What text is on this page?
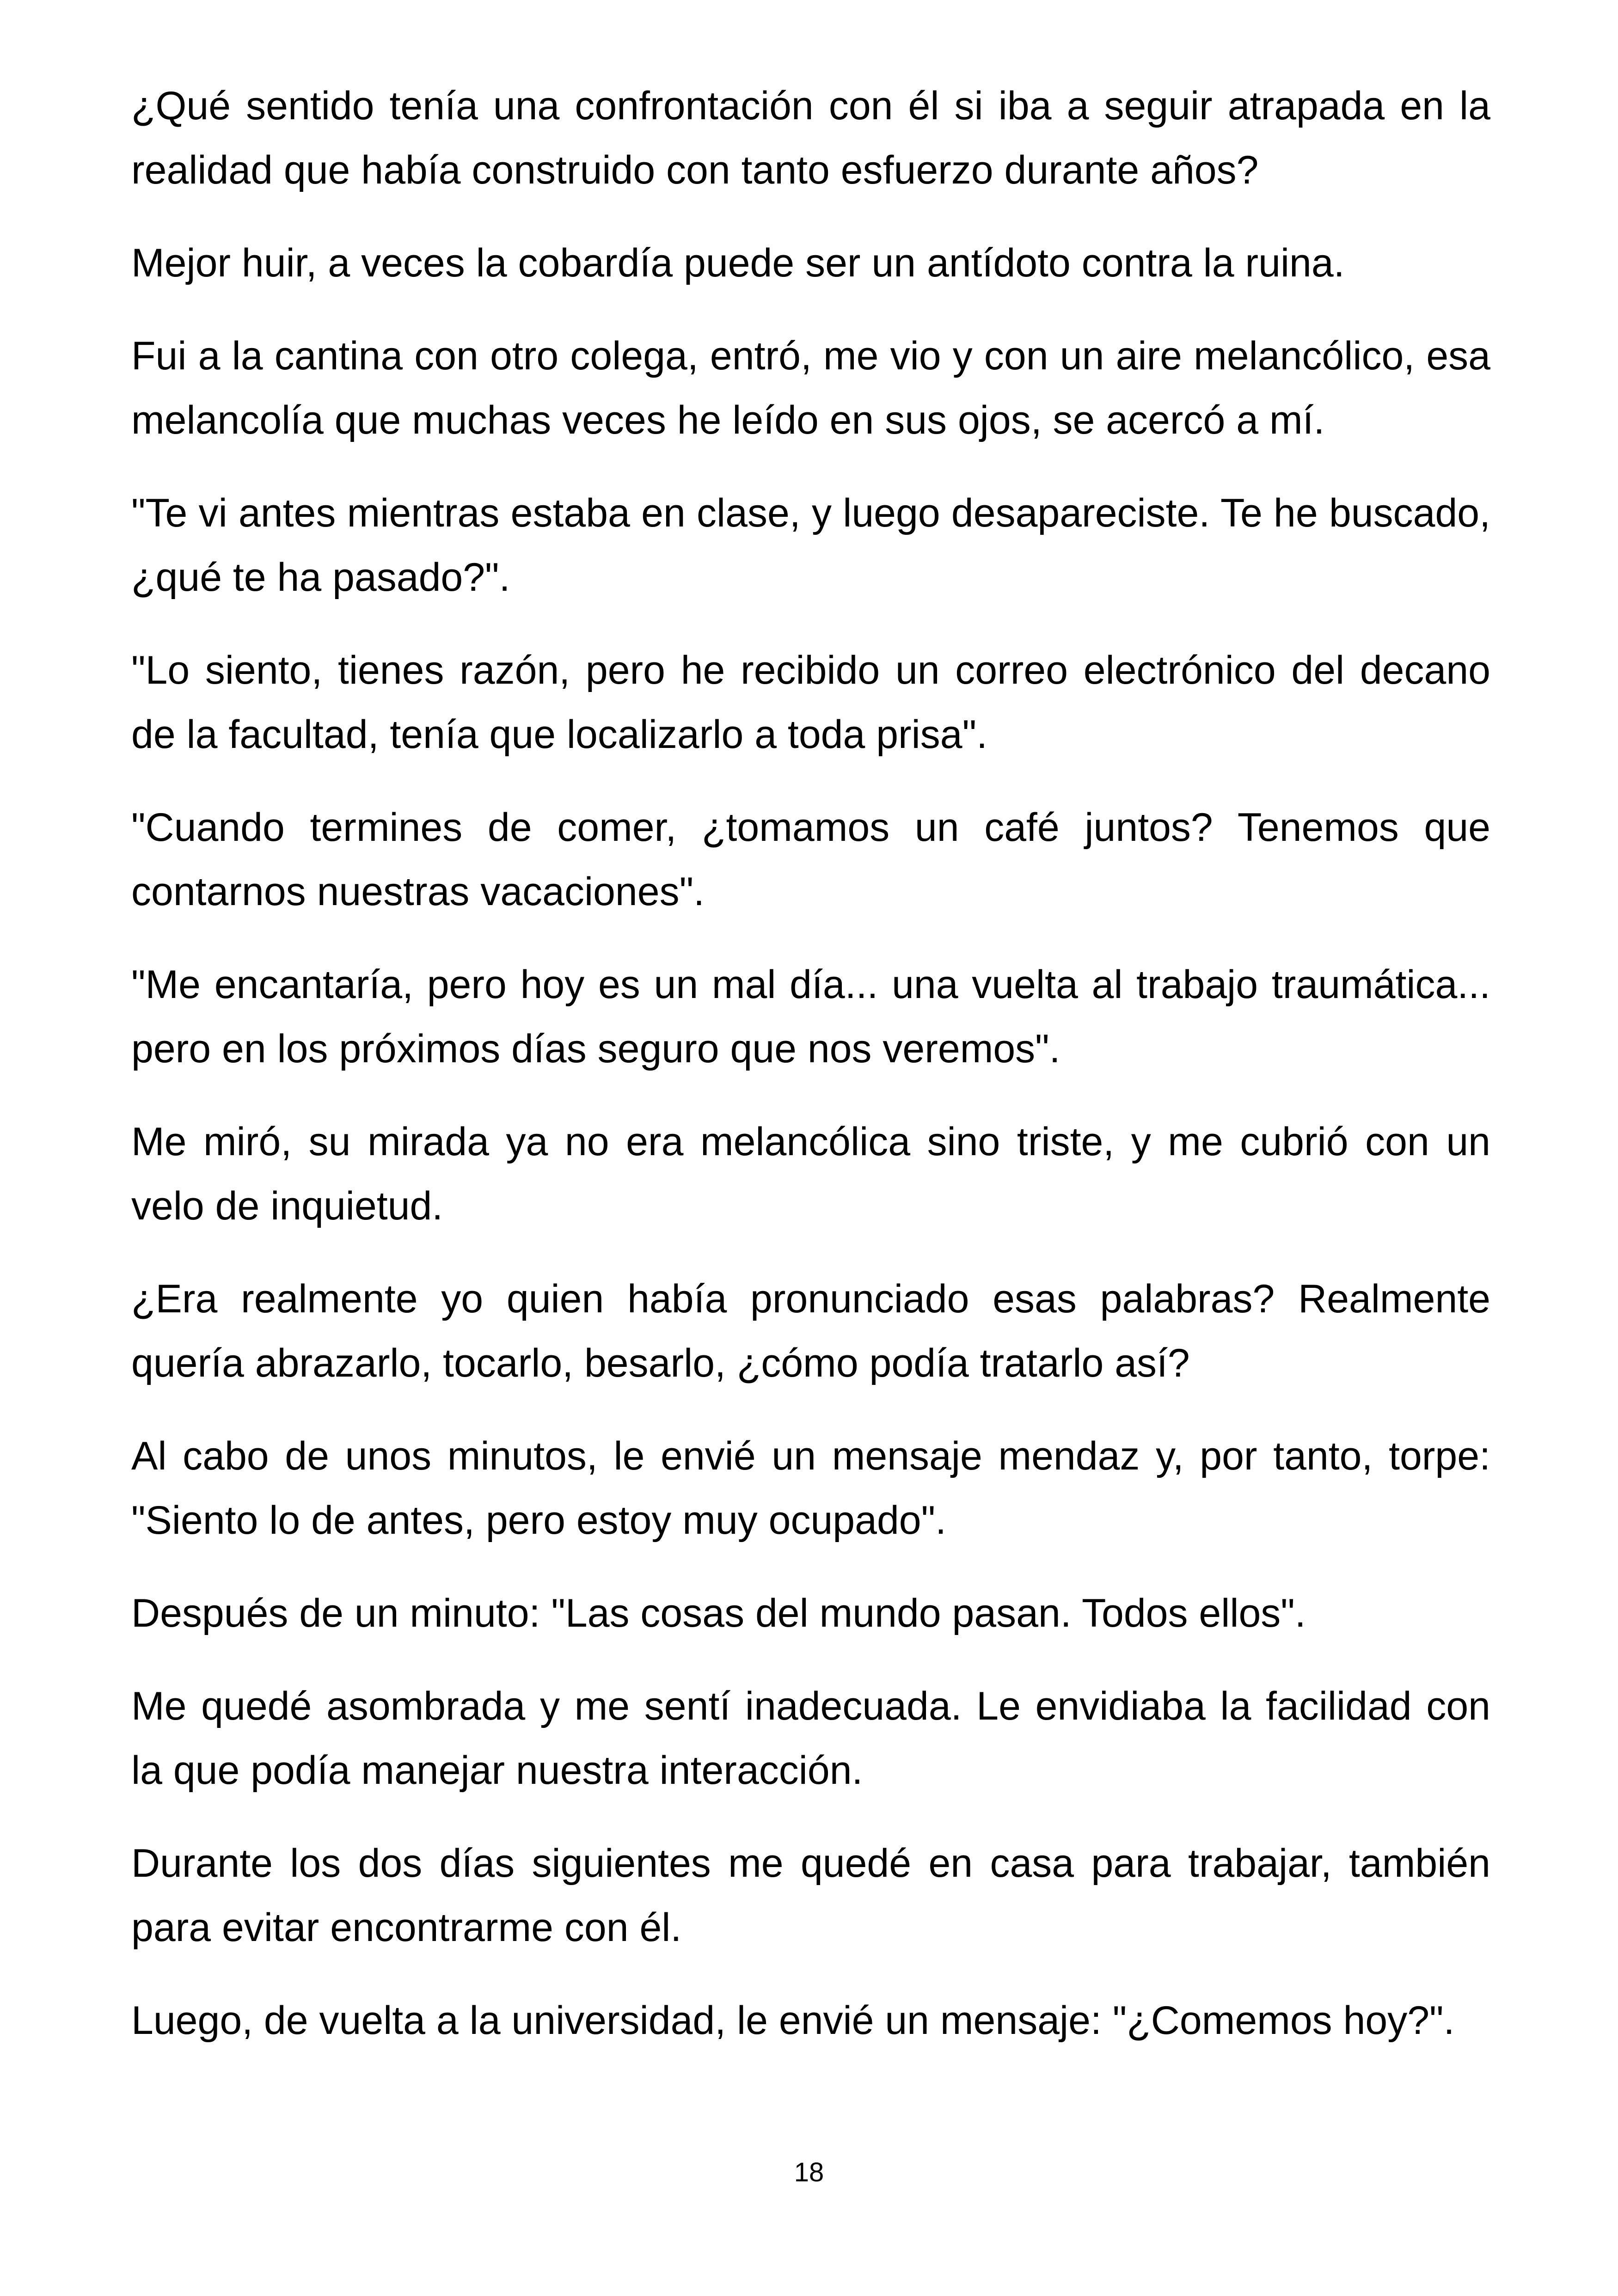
¿Qué sentido tenía una confrontación con él si iba a seguir atrapada en la realidad que había construido con tanto esfuerzo durante años?

Mejor huir, a veces la cobardía puede ser un antídoto contra la ruina.

Fui a la cantina con otro colega, entró, me vio y con un aire melancólico, esa melancolía que muchas veces he leído en sus ojos, se acercó a mí.

"Te vi antes mientras estaba en clase, y luego desapareciste. Te he buscado, ¿qué te ha pasado?".

"Lo siento, tienes razón, pero he recibido un correo electrónico del decano de la facultad, tenía que localizarlo a toda prisa".

"Cuando termines de comer, ¿tomamos un café juntos? Tenemos que contarnos nuestras vacaciones".

"Me encantaría, pero hoy es un mal día... una vuelta al trabajo traumática... pero en los próximos días seguro que nos veremos".

Me miró, su mirada ya no era melancólica sino triste, y me cubrió con un velo de inquietud.

¿Era realmente yo quien había pronunciado esas palabras? Realmente quería abrazarlo, tocarlo, besarlo, ¿cómo podía tratarlo así?

Al cabo de unos minutos, le envié un mensaje mendaz y, por tanto, torpe: "Siento lo de antes, pero estoy muy ocupado".

Después de un minuto: "Las cosas del mundo pasan. Todos ellos".

Me quedé asombrada y me sentí inadecuada. Le envidiaba la facilidad con la que podía manejar nuestra interacción.

Durante los dos días siguientes me quedé en casa para trabajar, también para evitar encontrarme con él.

Luego, de vuelta a la universidad, le envié un mensaje: "¿Comemos hoy?".

18
